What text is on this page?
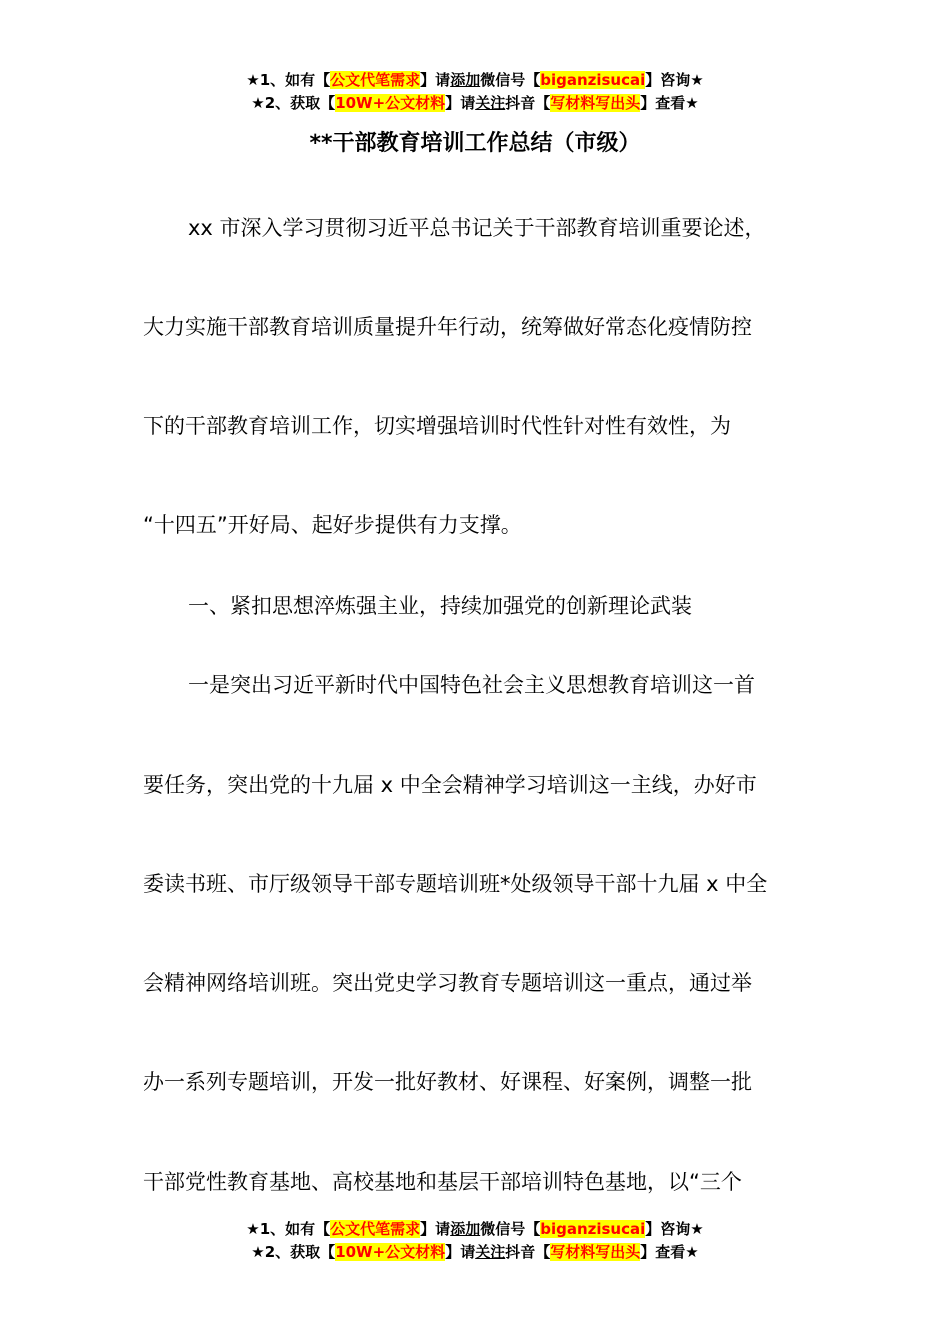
★1、如有【公文代笔需求】请添加微信号【biganzisucai】咨询★
★2、获取【10W+公文材料】请关注抖音【写材料写出头】查看★
**干部教育培训工作总结（市级）
xx 市深入学习贯彻习近平总书记关于干部教育培训重要论述，
大力实施干部教育培训质量提升年行动，统筹做好常态化疫情防控
下的干部教育培训工作，切实增强培训时代性针对性有效性，为
“十四五”开好局、起好步提供有力支撑。
一、紧扣思想淬炼强主业，持续加强党的创新理论武装
一是突出习近平新时代中国特色社会主义思想教育培训这一首
要任务，突出党的十九届 x 中全会精神学习培训这一主线，办好市
委读书班、市厅级领导干部专题培训班*处级领导干部十九届 x 中全
会精神网络培训班。突出党史学习教育专题培训这一重点，通过举
办一系列专题培训，开发一批好教材、好课程、好案例，调整一批
干部党性教育基地、高校基地和基层干部培训特色基地，以“三个
★1、如有【公文代笔需求】请添加微信号【biganzisucai】咨询★
★2、获取【10W+公文材料】请关注抖音【写材料写出头】查看★
